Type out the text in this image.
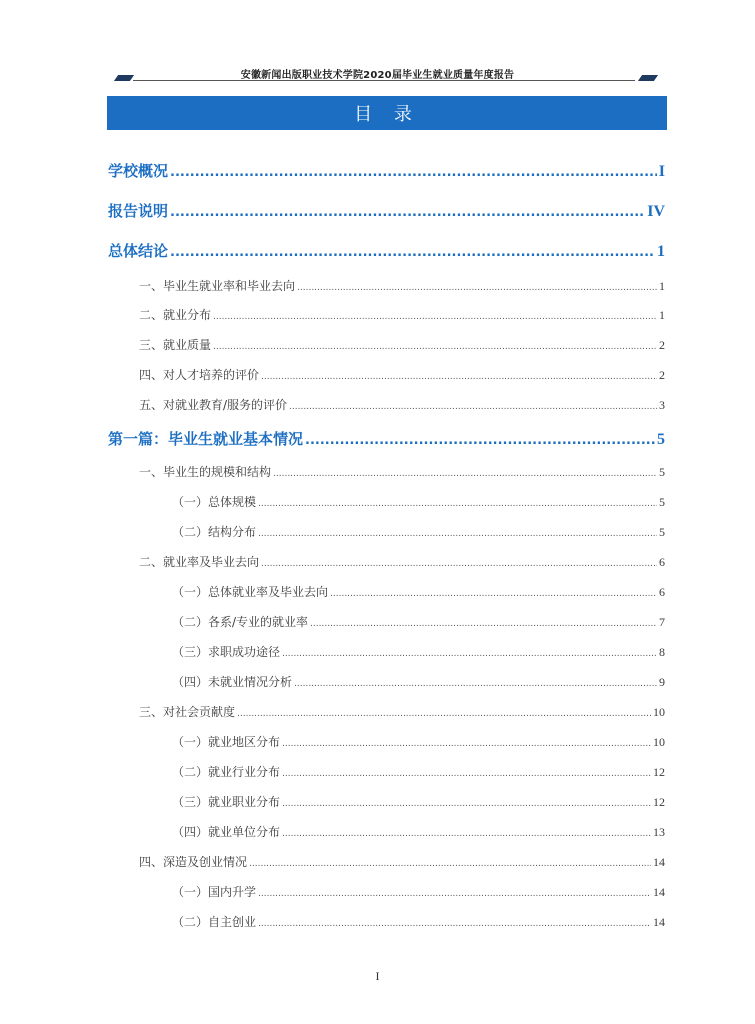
安徽新闻出版职业技术学院2020届毕业生就业质量年度报告
目 录
学校概况 .....	I
报告说明 .....	IV
总体结论 .....	1
一、毕业生就业率和毕业去向 .....	1
二、就业分布 .....	1
三、就业质量 .....	2
四、对人才培养的评价 .....	2
五、对就业教育/服务的评价 .....	3
第一篇：毕业生就业基本情况 .....	5
一、毕业生的规模和结构 .....	5
（一）总体规模 .....	5
（二）结构分布 .....	5
二、就业率及毕业去向 .....	6
（一）总体就业率及毕业去向 .....	6
（二）各系/专业的就业率 .....	7
（三）求职成功途径 .....	8
（四）未就业情况分析 .....	9
三、对社会贡献度 .....	10
（一）就业地区分布 .....	10
（二）就业行业分布 .....	12
（三）就业职业分布 .....	12
（四）就业单位分布 .....	13
四、深造及创业情况 .....	14
（一）国内升学 .....	14
（二）自主创业 .....	14
I
